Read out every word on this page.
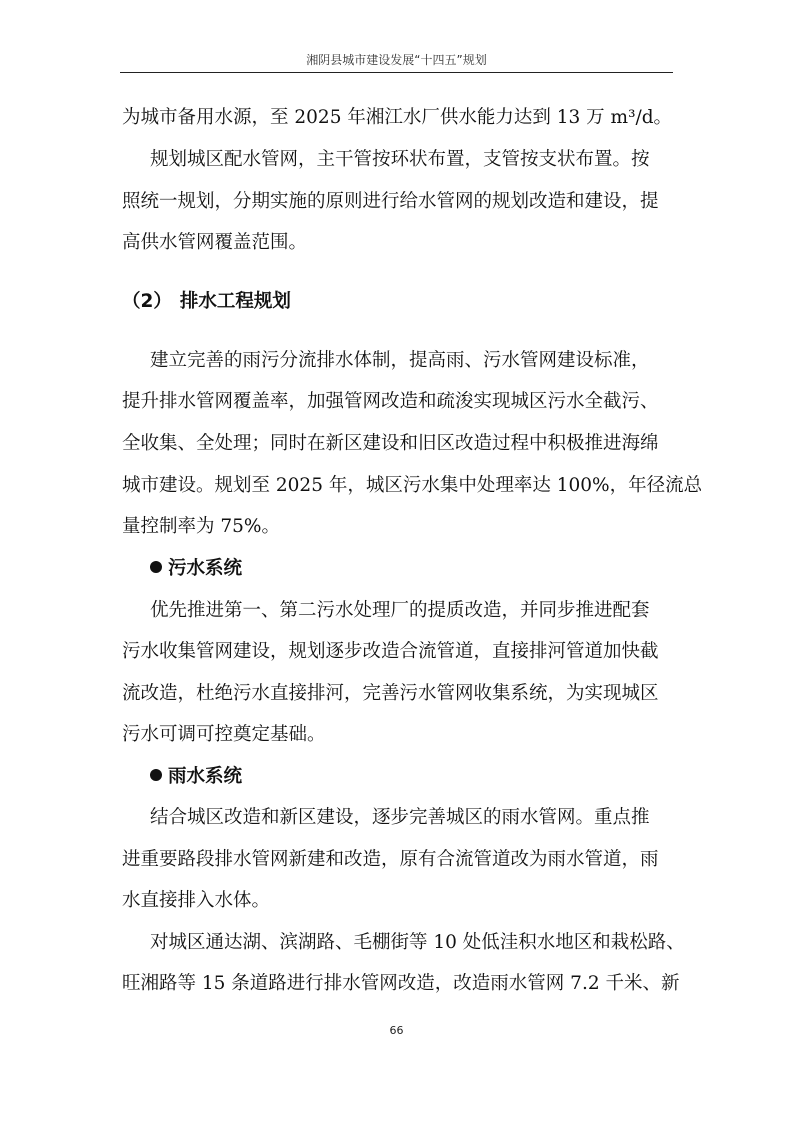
湘阴县城市建设发展“十四五”规划
为城市备用水源，至 2025 年湘江水厂供水能力达到 13 万 m³/d。
规划城区配水管网，主干管按环状布置，支管按支状布置。按
照统一规划，分期实施的原则进行给水管网的规划改造和建设，提
高供水管网覆盖范围。
（2） 排水工程规划
建立完善的雨污分流排水体制，提高雨、污水管网建设标准，
提升排水管网覆盖率，加强管网改造和疏浚实现城区污水全截污、
全收集、全处理；同时在新区建设和旧区改造过程中积极推进海绵
城市建设。规划至 2025 年，城区污水集中处理率达 100%，年径流总
量控制率为 75%。
污水系统
优先推进第一、第二污水处理厂的提质改造，并同步推进配套
污水收集管网建设，规划逐步改造合流管道，直接排河管道加快截
流改造，杜绝污水直接排河，完善污水管网收集系统，为实现城区
污水可调可控奠定基础。
雨水系统
结合城区改造和新区建设，逐步完善城区的雨水管网。重点推
进重要路段排水管网新建和改造，原有合流管道改为雨水管道，雨
水直接排入水体。
对城区通达湖、滨湖路、毛棚街等 10 处低洼积水地区和栽松路、
旺湘路等 15 条道路进行排水管网改造，改造雨水管网 7.2 千米、新
66
